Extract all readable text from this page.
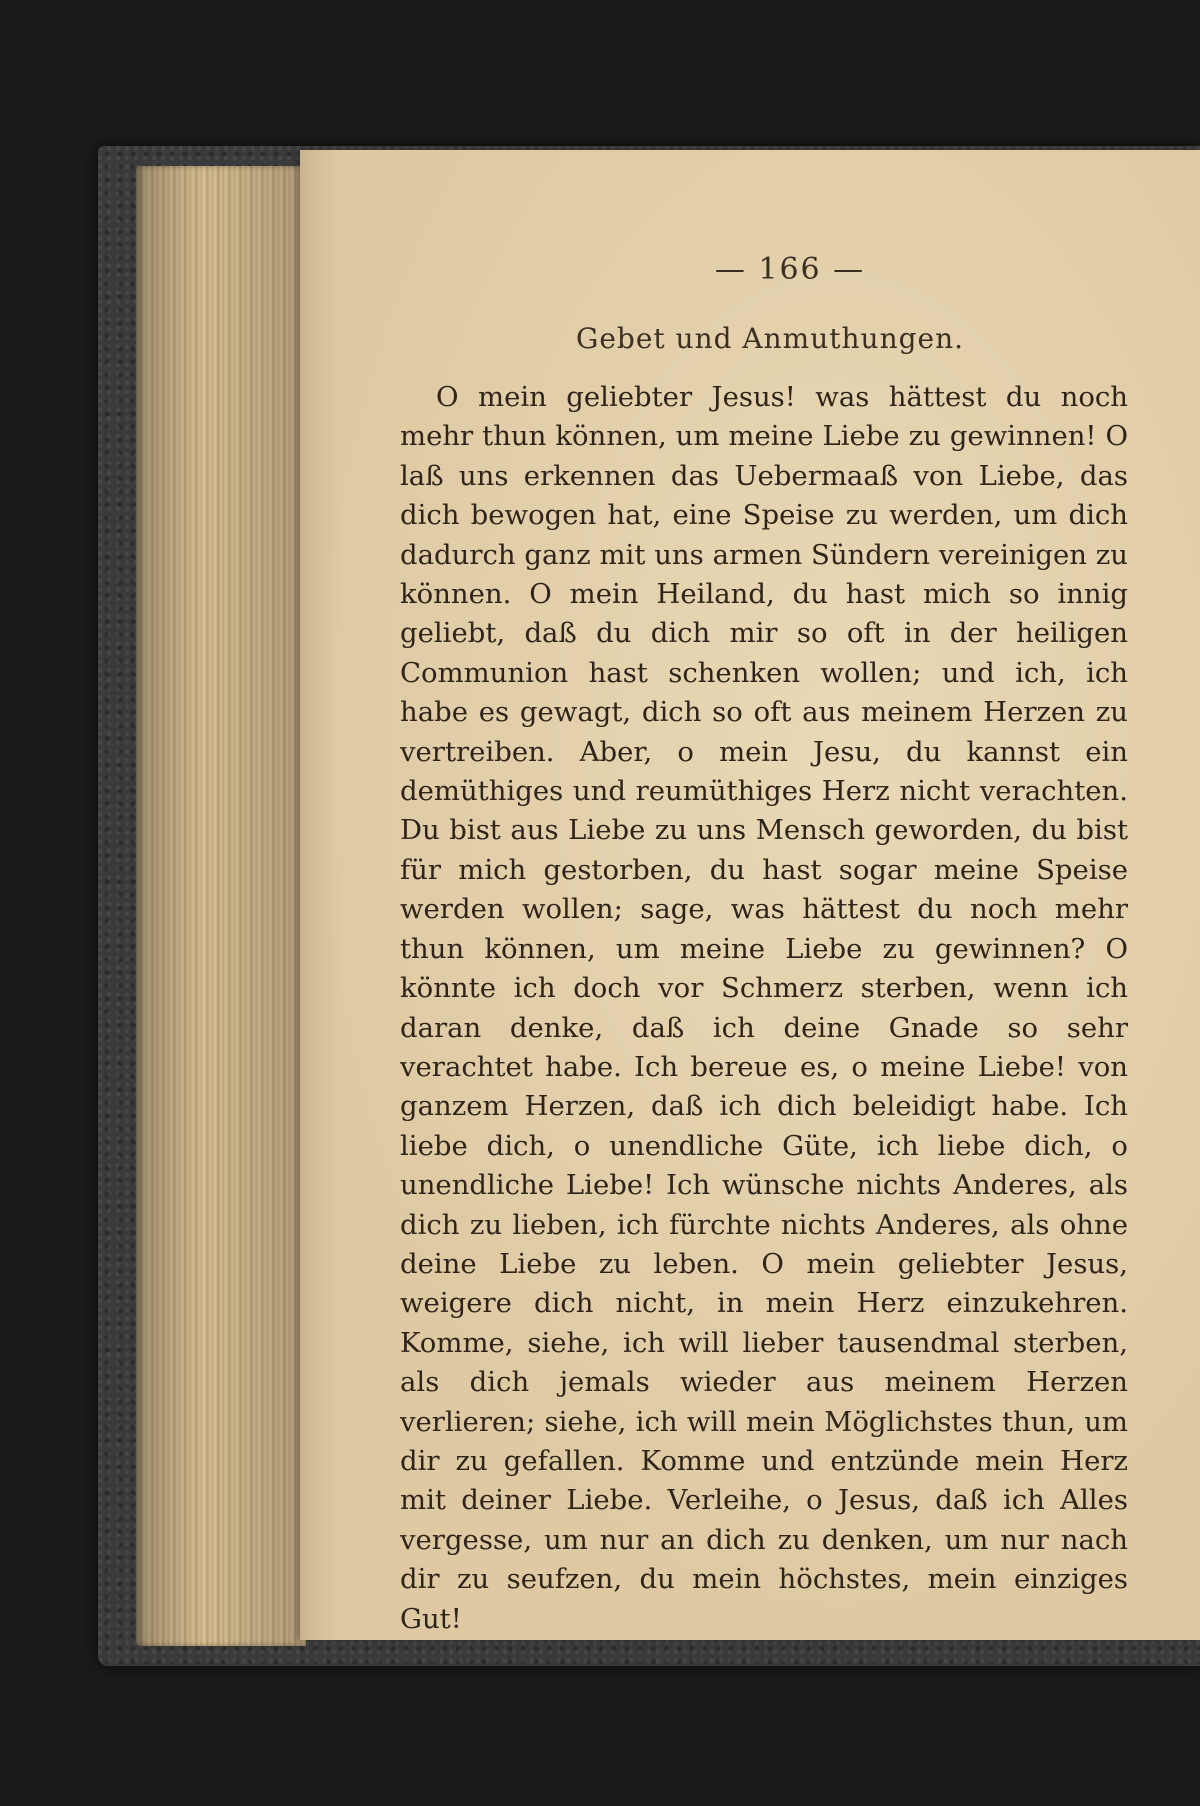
— 166 —
Gebet und Anmuthungen.
O mein geliebter Jesus! was hättest du noch mehr thun können, um meine Liebe zu gewinnen! O laß uns erkennen das Uebermaaß von Liebe, das dich bewogen hat, eine Speise zu werden, um dich dadurch ganz mit uns armen Sündern vereinigen zu können. O mein Heiland, du hast mich so innig geliebt, daß du dich mir so oft in der heiligen Communion hast schenken wollen; und ich, ich habe es gewagt, dich so oft aus meinem Herzen zu vertreiben. Aber, o mein Jesu, du kannst ein demüthiges und reumüthiges Herz nicht verachten. Du bist aus Liebe zu uns Mensch geworden, du bist für mich gestorben, du hast sogar meine Speise werden wollen; sage, was hättest du noch mehr thun können, um meine Liebe zu gewinnen? O könnte ich doch vor Schmerz sterben, wenn ich daran denke, daß ich deine Gnade so sehr verachtet habe. Ich bereue es, o meine Liebe! von ganzem Herzen, daß ich dich beleidigt habe. Ich liebe dich, o unendliche Güte, ich liebe dich, o unendliche Liebe! Ich wünsche nichts Anderes, als dich zu lieben, ich fürchte nichts Anderes, als ohne deine Liebe zu leben. O mein geliebter Jesus, weigere dich nicht, in mein Herz einzukehren. Komme, siehe, ich will lieber tausendmal sterben, als dich jemals wieder aus meinem Herzen verlieren; siehe, ich will mein Möglichstes thun, um dir zu gefallen. Komme und entzünde mein Herz mit deiner Liebe. Verleihe, o Jesus, daß ich Alles vergesse, um nur an dich zu denken, um nur nach dir zu seufzen, du mein höchstes, mein einziges Gut!
